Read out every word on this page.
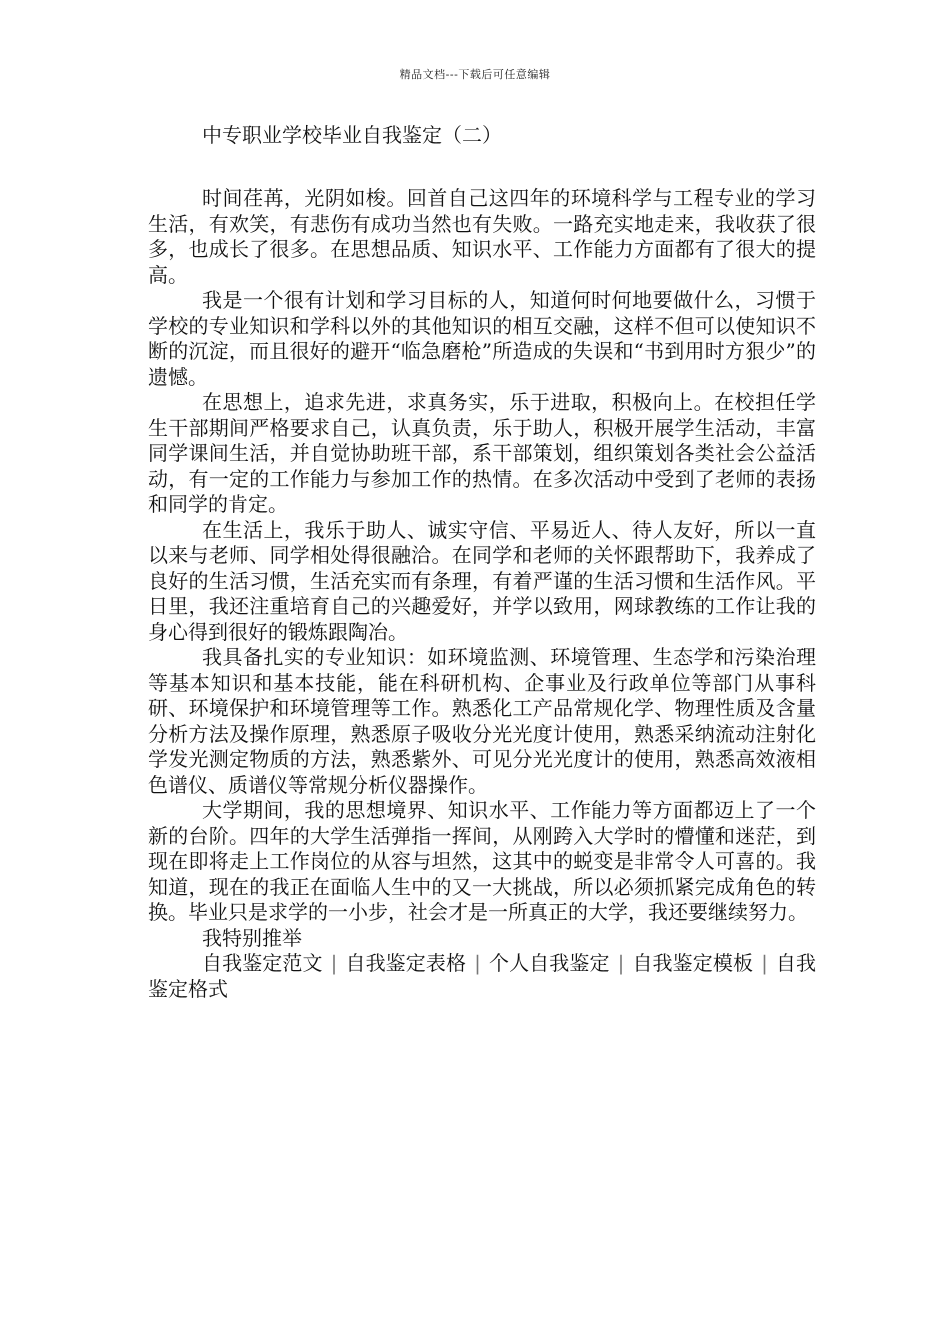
精品文档---下载后可任意编辑
中专职业学校毕业自我鉴定（二）

时间荏苒，光阴如梭。回首自己这四年的环境科学与工程专业的学习生活，有欢笑，有悲伤有成功当然也有失败。一路充实地走来，我收获了很多，也成长了很多。在思想品质、知识水平、工作能力方面都有了很大的提高。

我是一个很有计划和学习目标的人，知道何时何地要做什么，习惯于学校的专业知识和学科以外的其他知识的相互交融，这样不但可以使知识不断的沉淀，而且很好的避开“临急磨枪”所造成的失误和“书到用时方狠少”的遗憾。

在思想上，追求先进，求真务实，乐于进取，积极向上。在校担任学生干部期间严格要求自己，认真负责，乐于助人，积极开展学生活动，丰富同学课间生活，并自觉协助班干部，系干部策划，组织策划各类社会公益活动，有一定的工作能力与参加工作的热情。在多次活动中受到了老师的表扬和同学的肯定。

在生活上，我乐于助人、诚实守信、平易近人、待人友好，所以一直以来与老师、同学相处得很融洽。在同学和老师的关怀跟帮助下，我养成了良好的生活习惯，生活充实而有条理，有着严谨的生活习惯和生活作风。平日里，我还注重培育自己的兴趣爱好，并学以致用，网球教练的工作让我的身心得到很好的锻炼跟陶冶。

我具备扎实的专业知识：如环境监测、环境管理、生态学和污染治理等基本知识和基本技能，能在科研机构、企事业及行政单位等部门从事科研、环境保护和环境管理等工作。熟悉化工产品常规化学、物理性质及含量分析方法及操作原理，熟悉原子吸收分光光度计使用，熟悉采纳流动注射化学发光测定物质的方法，熟悉紫外、可见分光光度计的使用，熟悉高效液相色谱仪、质谱仪等常规分析仪器操作。

大学期间，我的思想境界、知识水平、工作能力等方面都迈上了一个新的台阶。四年的大学生活弹指一挥间，从刚跨入大学时的懵懂和迷茫，到现在即将走上工作岗位的从容与坦然，这其中的蜕变是非常令人可喜的。我知道，现在的我正在面临人生中的又一大挑战，所以必须抓紧完成角色的转换。毕业只是求学的一小步，社会才是一所真正的大学，我还要继续努力。

我特别推举

自我鉴定范文 | 自我鉴定表格 | 个人自我鉴定 | 自我鉴定模板 | 自我鉴定格式
